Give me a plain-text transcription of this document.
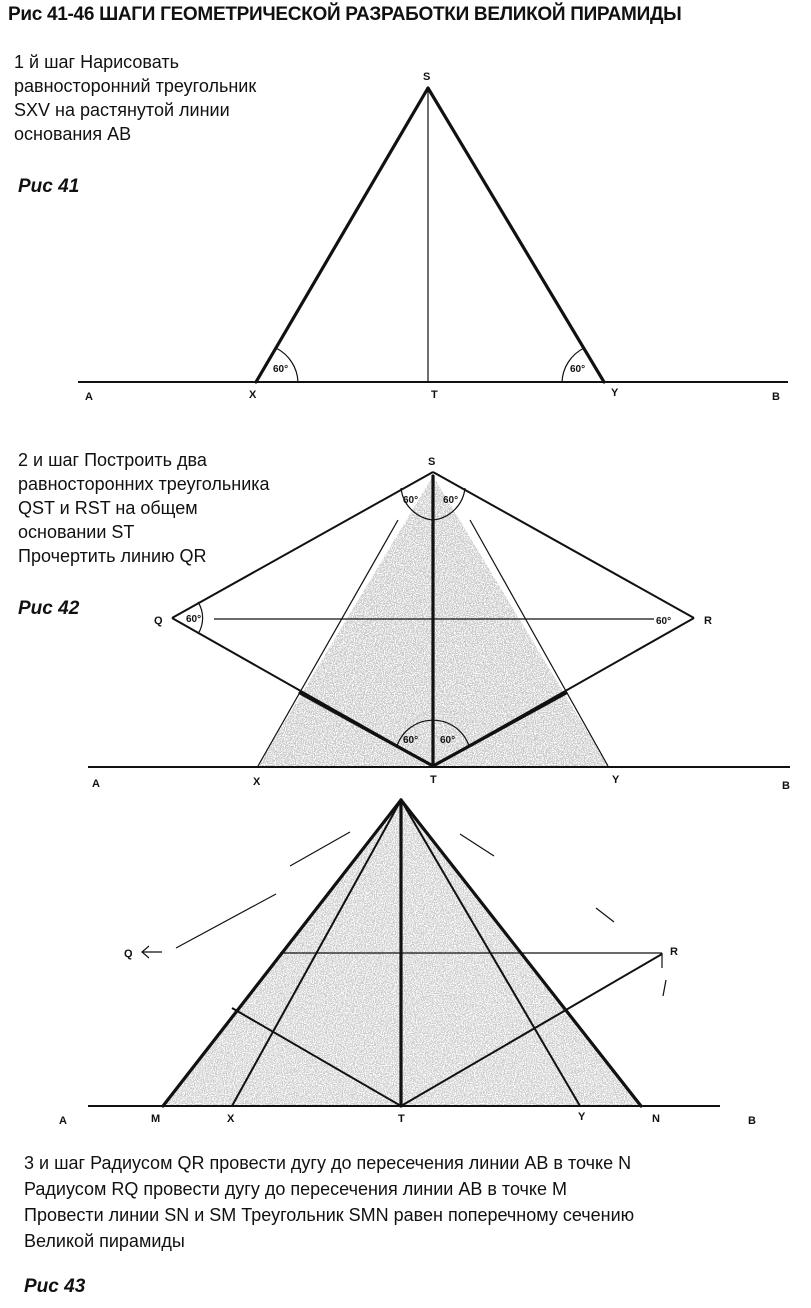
Рис 41-46 ШАГИ ГЕОМЕТРИЧЕСКОЙ РАЗРАБОТКИ ВЕЛИКОЙ ПИРАМИДЫ
1 й шаг Нарисовать
равносторонний треугольник
SXV на растянутой линии
основания AB
Рис 41
2 и шаг Построить два
равносторонних треугольника
QST и RST на общем
основании ST
Прочертить линию QR
Рис 42
3 и шаг Радиусом QR провести дугу до пересечения линии AB в точке N
Радиусом RQ провести дугу до пересечения линии AB в точке M
Провести линии SN и SM Треугольник SMN равен поперечному сечению
Великой пирамиды
Рис 43
60°	60°
S
A	X	T	Y	B
60° 60°
60°	60°
60° 60°
S
Q	R
A	X	T	Y	B
Q	R
A	M	X	T	Y	N	B
